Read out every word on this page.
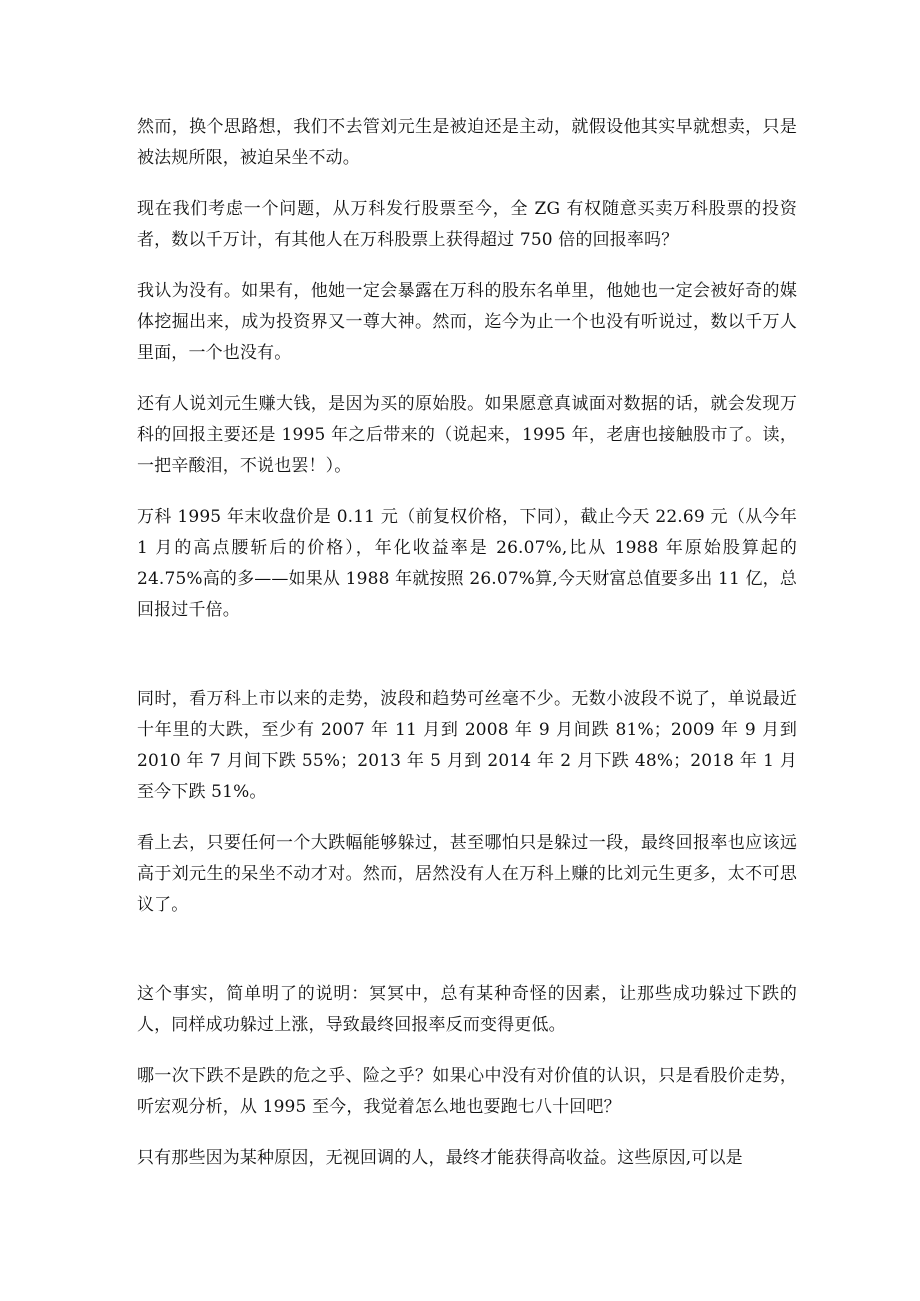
然而，换个思路想，我们不去管刘元生是被迫还是主动，就假设他其实早就想卖，只是被法规所限，被迫呆坐不动。

现在我们考虑一个问题，从万科发行股票至今，全 ZG 有权随意买卖万科股票的投资者，数以千万计，有其他人在万科股票上获得超过 750 倍的回报率吗？

我认为没有。如果有，他她一定会暴露在万科的股东名单里，他她也一定会被好奇的媒体挖掘出来，成为投资界又一尊大神。然而，迄今为止一个也没有听说过，数以千万人里面，一个也没有。

还有人说刘元生赚大钱，是因为买的原始股。如果愿意真诚面对数据的话，就会发现万科的回报主要还是 1995 年之后带来的（说起来，1995 年，老唐也接触股市了。读，一把辛酸泪，不说也罢！）。

万科 1995 年末收盘价是 0.11 元（前复权价格，下同），截止今天 22.69 元（从今年 1 月的高点腰斩后的价格），年化收益率是 26.07%,比从 1988 年原始股算起的 24.75%高的多——如果从 1988 年就按照 26.07%算,今天财富总值要多出 11 亿，总回报过千倍。

同时，看万科上市以来的走势，波段和趋势可丝毫不少。无数小波段不说了，单说最近十年里的大跌，至少有 2007 年 11 月到 2008 年 9 月间跌 81%；2009 年 9 月到 2010 年 7 月间下跌 55%；2013 年 5 月到 2014 年 2 月下跌 48%；2018 年 1 月至今下跌 51%。

看上去，只要任何一个大跌幅能够躲过，甚至哪怕只是躲过一段，最终回报率也应该远高于刘元生的呆坐不动才对。然而，居然没有人在万科上赚的比刘元生更多，太不可思议了。

这个事实，简单明了的说明：冥冥中，总有某种奇怪的因素，让那些成功躲过下跌的人，同样成功躲过上涨，导致最终回报率反而变得更低。

哪一次下跌不是跌的危之乎、险之乎？如果心中没有对价值的认识，只是看股价走势，听宏观分析，从 1995 至今，我觉着怎么地也要跑七八十回吧？

只有那些因为某种原因，无视回调的人，最终才能获得高收益。这些原因,可以是
